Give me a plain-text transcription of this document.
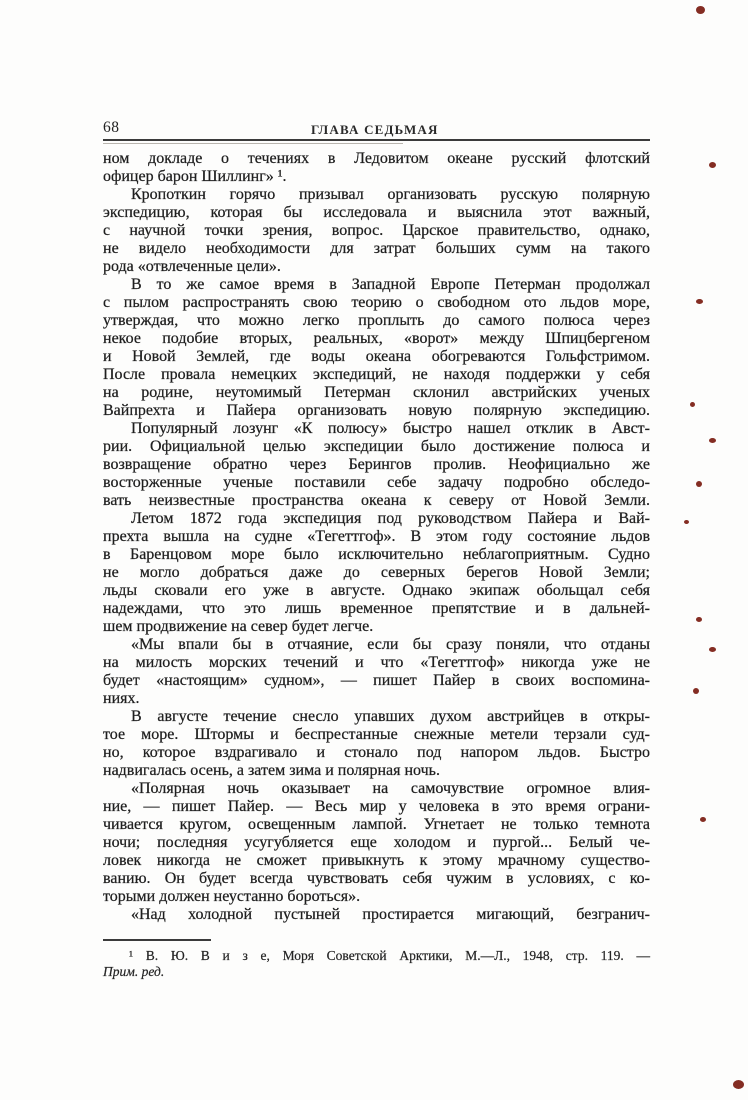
68	ГЛАВА СЕДЬМАЯ
ном докладе о течениях в Ледовитом океане русский флотский
офицер барон Шиллинг» ¹.
Кропоткин горячо призывал организовать русскую полярную
экспедицию, которая бы исследовала и выяснила этот важный,
с научной точки зрения, вопрос. Царское правительство, однако,
не видело необходимости для затрат больших сумм на такого
рода «отвлеченные цели».
В то же самое время в Западной Европе Петерман продолжал
с пылом распространять свою теорию о свободном ото льдов море,
утверждая, что можно легко проплыть до самого полюса через
некое подобие вторых, реальных, «ворот» между Шпицбергеном
и Новой Землей, где воды океана обогреваются Гольфстримом.
После провала немецких экспедиций, не находя поддержки у себя
на родине, неутомимый Петерман склонил австрийских ученых
Вайпрехта и Пайера организовать новую полярную экспедицию.
Популярный лозунг «К полюсу» быстро нашел отклик в Авст-
рии. Официальной целью экспедиции было достижение полюса и
возвращение обратно через Берингов пролив. Неофициально же
восторженные ученые поставили себе задачу подробно обследо-
вать неизвестные пространства океана к северу от Новой Земли.
Летом 1872 года экспедиция под руководством Пайера и Вай-
прехта вышла на судне «Тегеттгоф». В этом году состояние льдов
в Баренцовом море было исключительно неблагоприятным. Судно
не могло добраться даже до северных берегов Новой Земли;
льды сковали его уже в августе. Однако экипаж обольщал себя
надеждами, что это лишь временное препятствие и в дальней-
шем продвижение на север будет легче.
«Мы впали бы в отчаяние, если бы сразу поняли, что отданы
на милость морских течений и что «Тегеттгоф» никогда уже не
будет «настоящим» судном», — пишет Пайер в своих воспомина-
ниях.
В августе течение снесло упавших духом австрийцев в откры-
тое море. Штормы и беспрестанные снежные метели терзали суд-
но, которое вздрагивало и стонало под напором льдов. Быстро
надвигалась осень, а затем зима и полярная ночь.
«Полярная ночь оказывает на самочувствие огромное влия-
ние, — пишет Пайер. — Весь мир у человека в это время ограни-
чивается кругом, освещенным лампой. Угнетает не только темнота
ночи; последняя усугубляется еще холодом и пургой... Белый че-
ловек никогда не сможет привыкнуть к этому мрачному существо-
ванию. Он будет всегда чувствовать себя чужим в условиях, с ко-
торыми должен неустанно бороться».
«Над холодной пустыней простирается мигающий, безгранич-
¹ В. Ю. В и з е, Моря Советской Арктики, М.—Л., 1948, стр. 119. —
Прим. ред.
